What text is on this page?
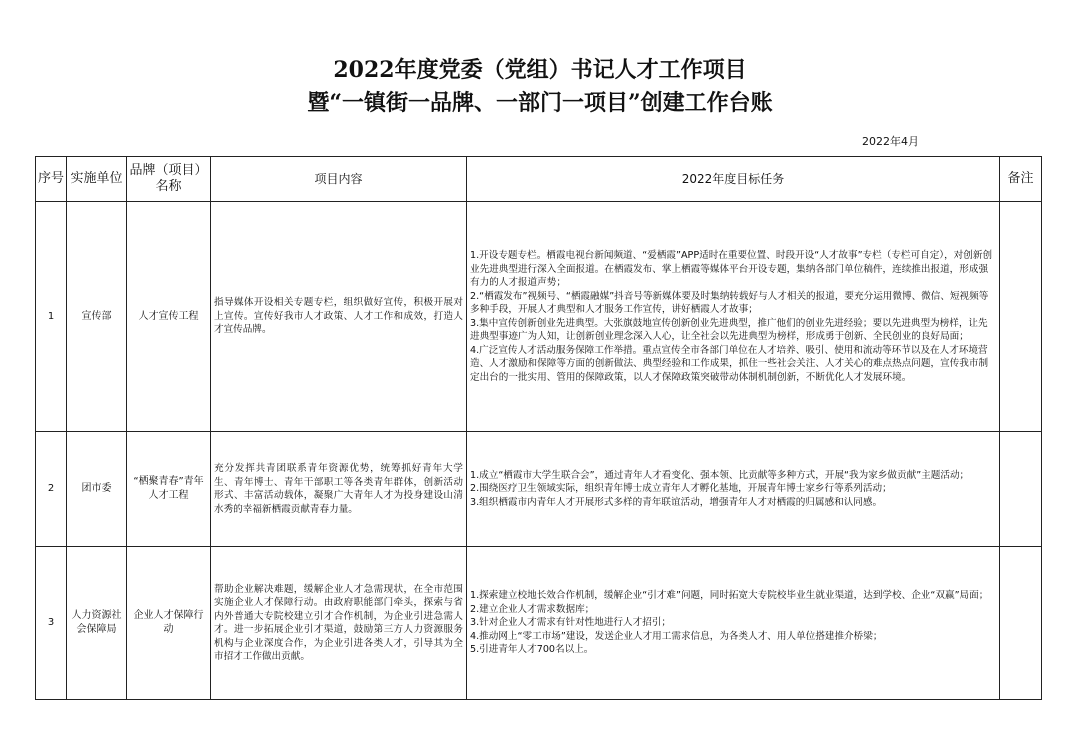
2022年度党委（党组）书记人才工作项目
暨“一镇街一品牌、一部门一项目”创建工作台账
2022年4月
序号	实施单位	品牌（项目）名称	项目内容	2022年度目标任务	备注
1	宣传部	人才宣传工程	指导媒体开设相关专题专栏，组织做好宣传，积极开展对上宣传。宣传好我市人才政策、人才工作和成效，打造人才宣传品牌。	1.开设专题专栏。栖霞电视台新闻频道、“爱栖霞”APP适时在重要位置、时段开设“人才故事”专栏（专栏可自定），对创新创业先进典型进行深入全面报道。在栖霞发布、掌上栖霞等媒体平台开设专题，集纳各部门单位稿件，连续推出报道，形成强有力的人才报道声势；
2.“栖霞发布”视频号、“栖霞融媒”抖音号等新媒体要及时集纳转载好与人才相关的报道，要充分运用微博、微信、短视频等多种手段，开展人才典型和人才服务工作宣传，讲好栖霞人才故事；
3.集中宣传创新创业先进典型。大张旗鼓地宣传创新创业先进典型，推广他们的创业先进经验；要以先进典型为榜样，让先进典型事迹广为人知，让创新创业理念深入人心，让全社会以先进典型为榜样，形成勇于创新、全民创业的良好局面；
4.广泛宣传人才活动服务保障工作举措。重点宣传全市各部门单位在人才培养、吸引、使用和流动等环节以及在人才环境营造、人才激励和保障等方面的创新做法、典型经验和工作成果，抓住一些社会关注、人才关心的难点热点问题，宣传我市制定出台的一批实用、管用的保障政策，以人才保障政策突破带动体制机制创新，不断优化人才发展环境。	

2	团市委	“栖聚青春”青年人才工程	充分发挥共青团联系青年资源优势，统筹抓好青年大学生、青年博士、青年干部职工等各类青年群体，创新活动形式、丰富活动载体，凝聚广大青年人才为投身建设山清水秀的幸福新栖霞贡献青春力量。	1.成立“栖霞市大学生联合会”，通过青年人才看变化、强本领、比贡献等多种方式，开展“我为家乡做贡献”主题活动；
2.围绕医疗卫生领域实际，组织青年博士成立青年人才孵化基地，开展青年博士家乡行等系列活动；
3.组织栖霞市内青年人才开展形式多样的青年联谊活动，增强青年人才对栖霞的归属感和认同感。	

3	人力资源社会保障局	企业人才保障行动	帮助企业解决难题，缓解企业人才急需现状，在全市范围实施企业人才保障行动。由政府职能部门牵头，探索与省内外普通大专院校建立引才合作机制，为企业引进急需人才。进一步拓展企业引才渠道，鼓励第三方人力资源服务机构与企业深度合作，为企业引进各类人才，引导其为全市招才工作做出贡献。	1.探索建立校地长效合作机制，缓解企业“引才难”问题，同时拓宽大专院校毕业生就业渠道，达到学校、企业“双赢”局面；
2.建立企业人才需求数据库；
3.针对企业人才需求有针对性地进行人才招引；
4.推动网上“零工市场”建设，发送企业人才用工需求信息，为各类人才、用人单位搭建推介桥梁；
5.引进青年人才700名以上。	
